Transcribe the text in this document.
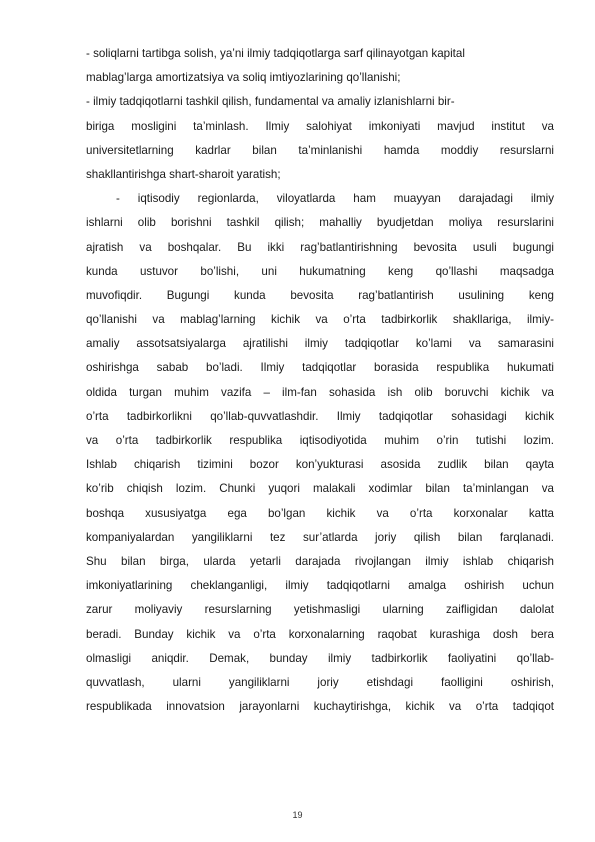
- soliqlarni tartibga solish, ya’ni ilmiy tadqiqotlarga sarf qilinayotgan kapital
mablag’larga amortizatsiya va soliq imtiyozlarining qo’llanishi;
- ilmiy tadqiqotlarni tashkil qilish, fundamental va amaliy izlanishlarni bir-
biriga mosligini ta’minlash. Ilmiy salohiyat imkoniyati mavjud institut va
universitetlarning kadrlar bilan ta’minlanishi hamda moddiy resurslarni
shakllantirishga shart-sharoit yaratish;
- iqtisodiy regionlarda, viloyatlarda ham muayyan darajadagi ilmiy
ishlarni olib borishni tashkil qilish; mahalliy byudjetdan moliya resurslarini
ajratish va boshqalar. Bu ikki rag’batlantirishning bevosita usuli bugungi
kunda ustuvor bo’lishi, uni hukumatning keng qo’llashi maqsadga
muvofiqdir. Bugungi kunda bevosita rag’batlantirish usulining keng
qo’llanishi va mablag’larning kichik va o’rta tadbirkorlik shakllariga, ilmiy-
amaliy assotsatsiyalarga ajratilishi ilmiy tadqiqotlar ko’lami va samarasini
oshirishga sabab bo’ladi. Ilmiy tadqiqotlar borasida respublika hukumati
oldida turgan muhim vazifa – ilm-fan sohasida ish olib boruvchi kichik va
o’rta tadbirkorlikni qo’llab-quvvatlashdir. Ilmiy tadqiqotlar sohasidagi kichik
va o’rta tadbirkorlik respublika iqtisodiyotida muhim o’rin tutishi lozim.
Ishlab chiqarish tizimini bozor kon’yukturasi asosida zudlik bilan qayta
ko’rib chiqish lozim. Chunki yuqori malakali xodimlar bilan ta’minlangan va
boshqa xususiyatga ega bo’lgan kichik va o’rta korxonalar katta
kompaniyalardan yangiliklarni tez sur’atlarda joriy qilish bilan farqlanadi.
Shu bilan birga, ularda yetarli darajada rivojlangan ilmiy ishlab chiqarish
imkoniyatlarining cheklanganligi, ilmiy tadqiqotlarni amalga oshirish uchun
zarur moliyaviy resurslarning yetishmasligi ularning zaifligidan dalolat
beradi. Bunday kichik va o’rta korxonalarning raqobat kurashiga dosh bera
olmasligi aniqdir. Demak, bunday ilmiy tadbirkorlik faoliyatini qo’llab-
quvvatlash, ularni yangiliklarni joriy etishdagi faolligini oshirish,
respublikada innovatsion jarayonlarni kuchaytirishga, kichik va o’rta tadqiqot
19
